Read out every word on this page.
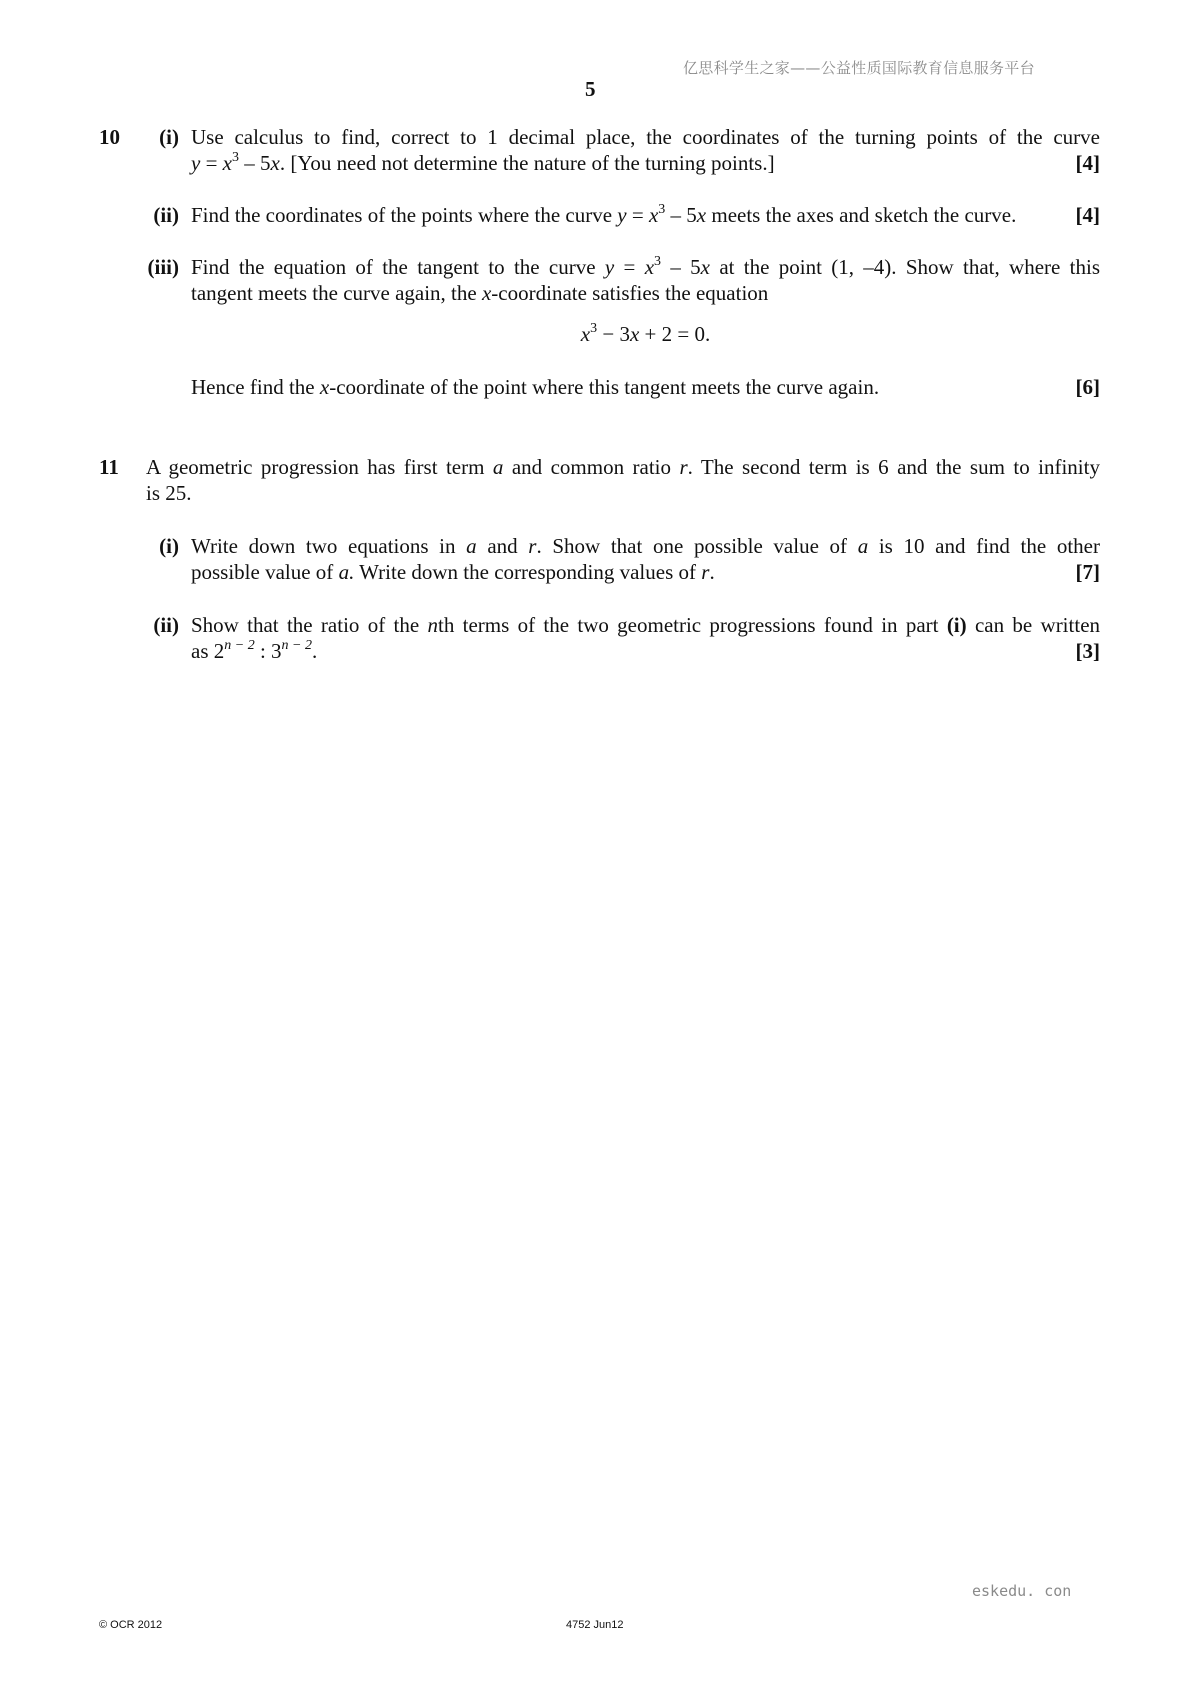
亿思科学生之家——公益性质国际教育信息服务平台
5
10	(i) Use calculus to find, correct to 1 decimal place, the coordinates of the turning points of the curve
$y = x^3 - 5x$. [You need not determine the nature of the turning points.]	[4]
(ii) Find the coordinates of the points where the curve $y = x^3 - 5x$ meets the axes and sketch the curve.	[4]
(iii) Find the equation of the tangent to the curve $y = x^3 - 5x$ at the point (1, –4). Show that, where this
tangent meets the curve again, the x-coordinate satisfies the equation
$x^3 - 3x + 2 = 0$.
Hence find the x-coordinate of the point where this tangent meets the curve again.	[6]
11 A geometric progression has first term a and common ratio r. The second term is 6 and the sum to infinity
is 25.
(i) Write down two equations in a and r. Show that one possible value of a is 10 and find the other
possible value of a. Write down the corresponding values of r.	[7]
(ii) Show that the ratio of the nth terms of the two geometric progressions found in part (i) can be written
as $2^{n - 2}$ : $3^{n - 2}$.	[3]
eskedu. con
© OCR 2012	4752 Jun12
